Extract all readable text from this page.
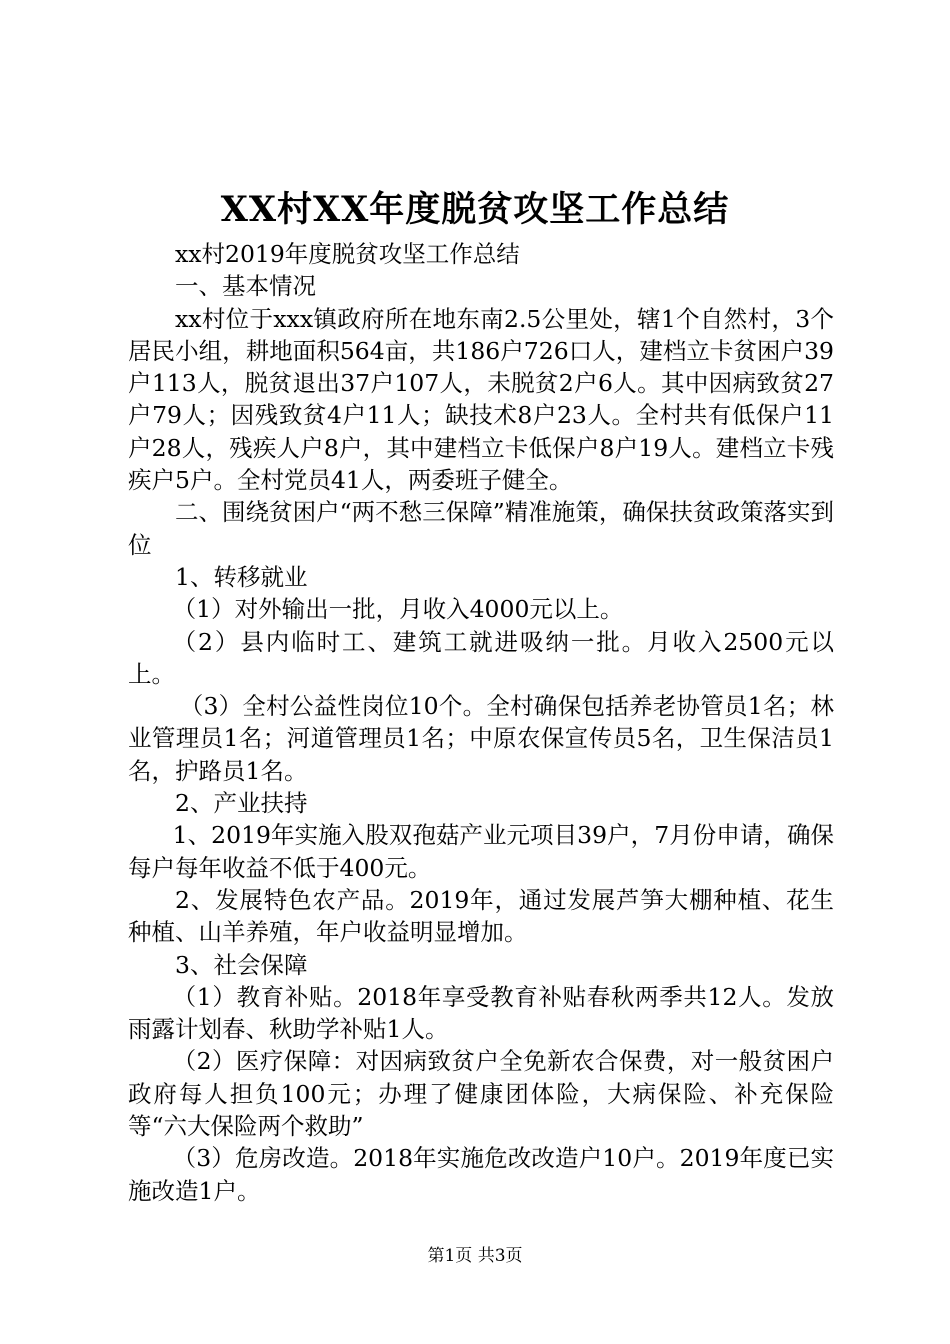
XX村XX年度脱贫攻坚工作总结

xx村2019年度脱贫攻坚工作总结

一、基本情况

xx村位于xxx镇政府所在地东南2.5公里处，辖1个自然村，3个居民小组，耕地面积564亩，共186户726口人，建档立卡贫困户39户113人，脱贫退出37户107人，未脱贫2户6人。其中因病致贫27户79人；因残致贫4户11人；缺技术8户23人。全村共有低保户11户28人，残疾人户8户，其中建档立卡低保户8户19人。建档立卡残疾户5户。全村党员41人，两委班子健全。

二、围绕贫困户“两不愁三保障”精准施策，确保扶贫政策落实到位

1、转移就业

（1）对外输出一批，月收入4000元以上。

（2）县内临时工、建筑工就进吸纳一批。月收入2500元以上。

（3）全村公益性岗位10个。全村确保包括养老协管员1名；林业管理员1名；河道管理员1名；中原农保宣传员5名，卫生保洁员1名，护路员1名。

2、产业扶持

1、2019年实施入股双孢菇产业元项目39户，7月份申请，确保每户每年收益不低于400元。

2、发展特色农产品。2019年，通过发展芦笋大棚种植、花生种植、山羊养殖，年户收益明显增加。

3、社会保障

（1）教育补贴。2018年享受教育补贴春秋两季共12人。发放雨露计划春、秋助学补贴1人。

（2）医疗保障：对因病致贫户全免新农合保费，对一般贫困户政府每人担负100元；办理了健康团体险，大病保险、补充保险等“六大保险两个救助”

（3）危房改造。2018年实施危改改造户10户。2019年度已实施改造1户。

第1页 共3页
